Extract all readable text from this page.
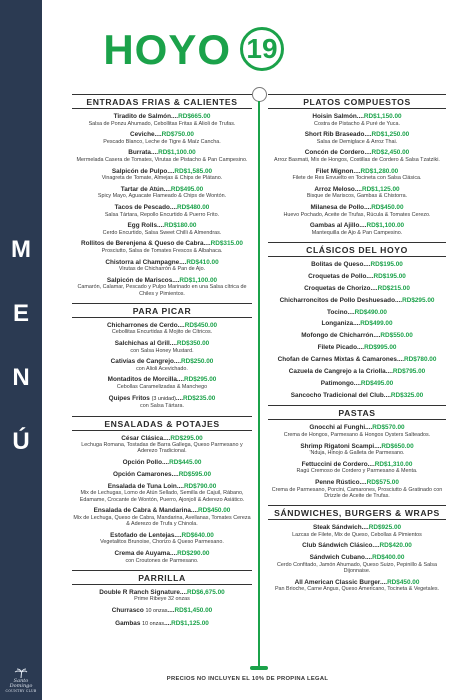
M
E
N
Ú
Santo Domingo
COUNTRY CLUB
HOYO 19
ENTRADAS FRIAS & CALIENTES
Tiradito de Salmón....RD$665.00
Salsa de Ponzu Ahumado, Cebollitas Fritas & Alioli de Trufas.
Ceviche....RD$750.00
Pescado Blanco, Leche de Tigre & Maíz Cancha.
Burrata....RD$1,100.00
Mermelada Casera de Tomates, Virutas de Pistacho & Pan Campesino.
Salpicón de Pulpo....RD$1,585.00
Vinagreta de Tomate, Almejas & Chips de Plátano.
Tartar de Atún....RD$495.00
Spicy Mayo, Aguacate Flameado & Chips de Wontón.
Tacos de Pescado....RD$480.00
Salsa Tártara, Repollo Encurtido & Puerro Frito.
Egg Rolls....RD$180.00
Cerdo Encurtido, Salsa Sweet Chilli & Almendras.
Rollitos de Berenjena & Queso de Cabra....RD$315.00
Prosciutto, Salsa de Tomates Frescos & Albahaca.
Chistorra al Champagne....RD$410.00
Virutas de Chicharrón & Pan de Ajo.
Salpicón de Mariscos....RD$1,100.00
Camarón, Calamar, Pescado y Pulpo Marinado en una Salsa cítrica de Chiles y Pimientos.
PARA PICAR
Chicharrones de Cerdo....RD$450.00
Cebollitas Encurtidas & Mojito de Cítricos.
Salchichas al Grill....RD$350.00
con Salsa Honey Mustard.
Cativías de Cangrejo....RD$250.00
con Alioli Acevichado.
Montaditos de Morcilla....RD$295.00
Cebollas Caramelizadas & Manchego
Quipes Fritos (3 unidad)....RD$235.00
con Salsa Tártara.
ENSALADAS & POTAJES
César Clásica....RD$295.00
Lechuga Romana, Tostadas de Barra Gallega, Queso Parmesano y Aderezo Tradicional.
Opción Pollo....RD$445.00
Opción Camarones....RD$595.00
Ensalada de Tuna Loin....RD$790.00
Mix de Lechugas, Lomo de Atún Sellado, Semilla de Cajuil, Rábano, Edamame, Crocante de Wontón, Puerro, Ajonjolí & Aderezo Asiático.
Ensalada de Cabra & Mandarina....RD$450.00
Mix de Lechuga, Queso de Cabra, Mandarina, Avellanas, Tomates Cereza & Aderezo de Trufa y Chinola.
Estofado de Lentejas....RD$640.00
Vegetalitos Brunoise, Chorizo & Queso Parmesano.
Crema de Auyama....RD$290.00
con Croutones de Parmesano.
PARRILLA
Double R Ranch Signature....RD$6,675.00
Prime Ribeye 32 onzas
Churrasco 10 onzas....RD$1,450.00
Gambas 10 onzas....RD$1,125.00
PLATOS COMPUESTOS
Hoisin Salmón....RD$1,150.00
Costra de Pistacho & Puré de Yuca.
Short Rib Braseado....RD$1,250.00
Salsa de Demiglace & Arroz Thai.
Concón de Cordero....RD$2,450.00
Arroz Basmati, Mix de Hongos, Costillas de Cordero & Salsa Tzatziki.
Filet Mignon....RD$1,280.00
Filete de Res Envuelto en Tocineta con Salsa Clásica.
Arroz Meloso....RD$1,125.00
Bisque de Mariscos, Gambas & Chistorra.
Milanesa de Pollo....RD$450.00
Huevo Pochado, Aceite de Trufas, Rúcula & Tomates Cerezo.
Gambas al Ajillo....RD$1,100.00
Mantequilla de Ajo & Pan Campesino.
CLÁSICOS DEL HOYO
Bolitas de Queso....RD$195.00
Croquetas de Pollo....RD$195.00
Croquetas de Chorizo....RD$215.00
Chicharroncitos de Pollo Deshuesado....RD$295.00
Tocino....RD$490.00
Longaniza....RD$499.00
Mofongo de Chicharrón....RD$550.00
Filete Picado....RD$995.00
Chofan de Carnes Mixtas & Camarones....RD$780.00
Cazuela de Cangrejo a la Criolla....RD$795.00
Patimongo....RD$495.00
Sancocho Tradicional del Club....RD$325.00
PASTAS
Gnocchi al Funghi....RD$570.00
Crema de Hongos, Parmesano & Hongos Oysters Salteados.
Shrimp Rigatoni Scampi....RD$650.00
'Nduja, Hinojo & Galleta de Parmesano.
Fettuccini de Cordero....RD$1,310.00
Ragú Cremoso de Cordero y Parmesano & Menta.
Penne Rústico....RD$575.00
Crema de Parmesano, Porcini, Camarones, Prosciutto & Gratinado con Drizzle de Aceite de Trufas.
SÁNDWICHES, BURGERS & WRAPS
Steak Sándwich....RD$925.00
Lazcas de Filete, Mix de Queso, Cebollas & Pimientos
Club Sándwich Clásico....RD$420.00
Sándwich Cubano....RD$400.00
Cerdo Confitado, Jamón Ahumado, Queso Suizo, Pepinillo & Salsa Dijonnaise.
All American Classic Burger....RD$450.00
Pan Brioche, Carne Angus, Queso Americano, Tocineta & Vegetales.
PRECIOS NO INCLUYEN EL 10% DE PROPINA LEGAL
